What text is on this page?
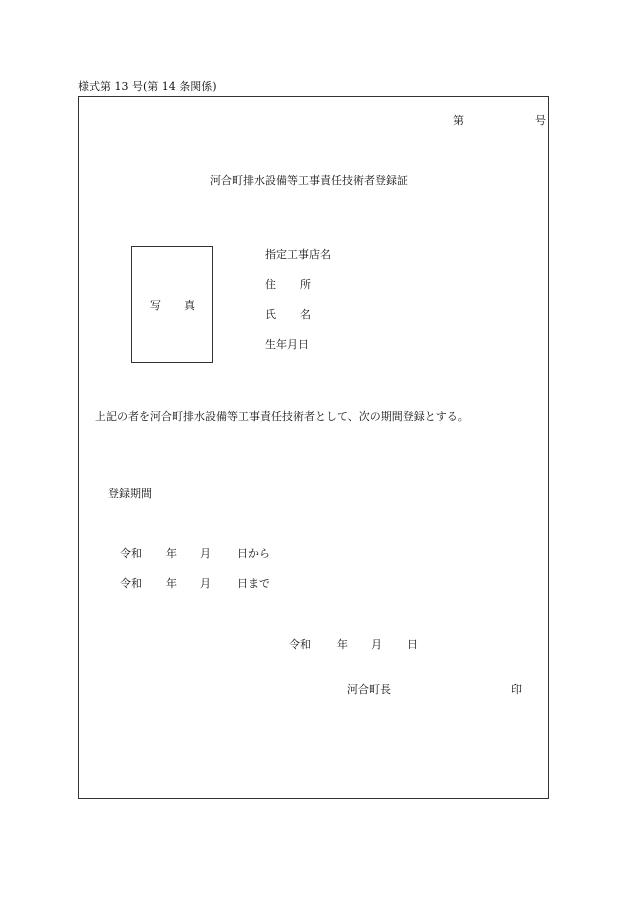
様式第 13 号(第 14 条関係)
第	号
河合町排水設備等工事責任技術者登録証
写 真
指定工事店名
住 所
氏 名
生年月日
上記の者を河合町排水設備等工事責任技術者として、次の期間登録とする。
登録期間
令和 年 月 日から
令和 年 月 日まで
令和 年 月 日
河合町長	印
